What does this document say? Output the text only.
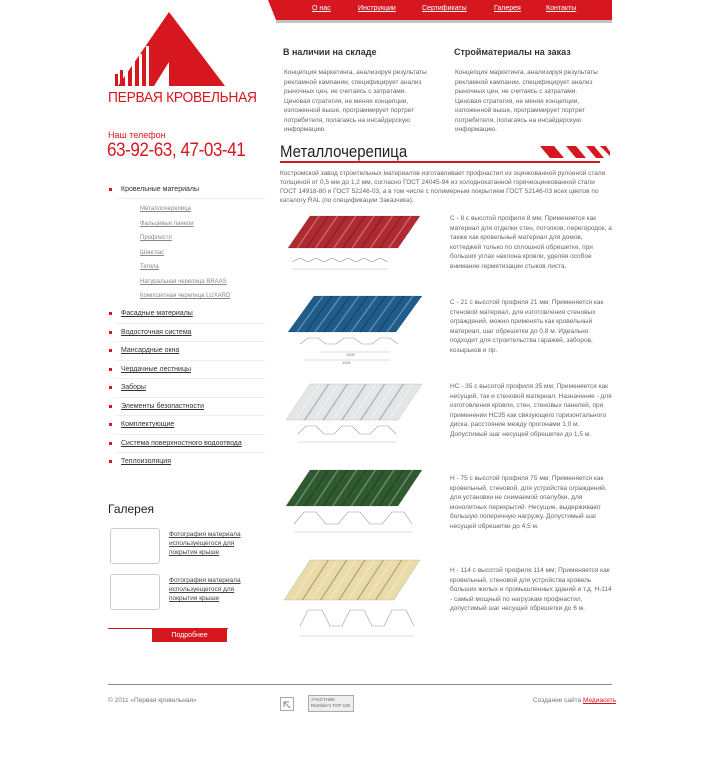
О нас	Инструкции	Сертификаты	Галерея	Контакты
ПЕРВАЯ КРОВЕЛЬНАЯ
Наш телефон
63-92-63, 47-03-41
Кровельные материалы
Металлочерепица
Фальцевые панели
Профлистл
Шинглас
Тегола
Натуральная черепица BRAAS
Композитная черепица LUXARD
Фасадные материалы
Водосточная система
Мансардные окна
Чердачные лестницы
Заборы
Элементы безопастности
Комплектующие
Система поверхностного водоотвода
Теплоизоляция
Галерея
Фотография материала используещегося для покрытия крыше
Фотография материала используещегося для покрытия крыше
Подробнее
В наличии на складе
Концепция маркетинга, анализируя результаты рекламной кампании, специфицирует анализ рыночных цен, не считаясь с затратами. Ценовая стратегия, не меняя концепции, изложенной выше, программирует портрет потребителя, полагаясь на инсайдерскую информацию.
Стройматериалы на заказ
Концепция маркетинга, анализируя результаты рекламной кампании, специфицирует анализ рыночных цен, не считаясь с затратами. Ценовая стратегия, не меняя концепции, изложенной выше, программирует портрет потребителя, полагаясь на инсайдерскую информацию.
Металлочерепица
Костромской завод строительных материалов изготавливает профнастил из оцинкованной рулонной стали толщиной от 0,5 мм до 1,2 мм, согласно ГОСТ 24045-94 из холоднокатанной горячеоцинкованной стали ГОСТ 14918-80 и ГОСТ 52246-03, а в том числе с полимерным покрытием ГОСТ 52146-03 всех цветов по каталогу RAL (по спецификации Заказчика).
С - 8 с высотой профиля 8 мм; Применяется как материал для отделки стен, потолков, перегородок, а также как кровельный материал для домов, коттеджей только по сплошной обрешетке, при больших углах наклона кровли, уделяя особое внимание герметизации стыков листа.
1000
1051
С - 21 с высотой профиля 21 мм; Применяется как стеновой материал, для изготовления стеновых ограждений, можно применять как кровельный материал, шаг обрешетки до 0,8 м. Идеально подходит для строительства гаражей, заборов, козырьков и пр.
НС - 35 с высотой профиля 35 мм; Применяется как несущий, так и стеновой материал. Назначение - для изготовления кровли, стен, стеновых панелей, при применении НС35 как связующего горизонтального диска, расстояние между прогонами 1,0 м. Допустимый шаг несущей обрешетки до 1,5 м.
Н - 75 с высотой профиля 75 мм; Применяется как кровельный, стеновой, для устройства ограждений, для установки не снимаемой опалубки, для монолитных перекрытий. Несущие, выдерживают большую поперечную нагрузку. Допустимый шаг несущей обрешетки до 4,5 м.
Н - 114 с высотой профиля 114 мм; Применяется как кровельный, стеновой для устройства кровель больших жилых и промышленных зданий и т.д. Н-114 - самый мощный по нагрузкам профнастил, допустимый шаг несущей обрешетки до 6 м.
© 2011 «Первая кровельная»	УЧАСТНИК Rambler's TOP 100
Создание сайта Медиасеть
